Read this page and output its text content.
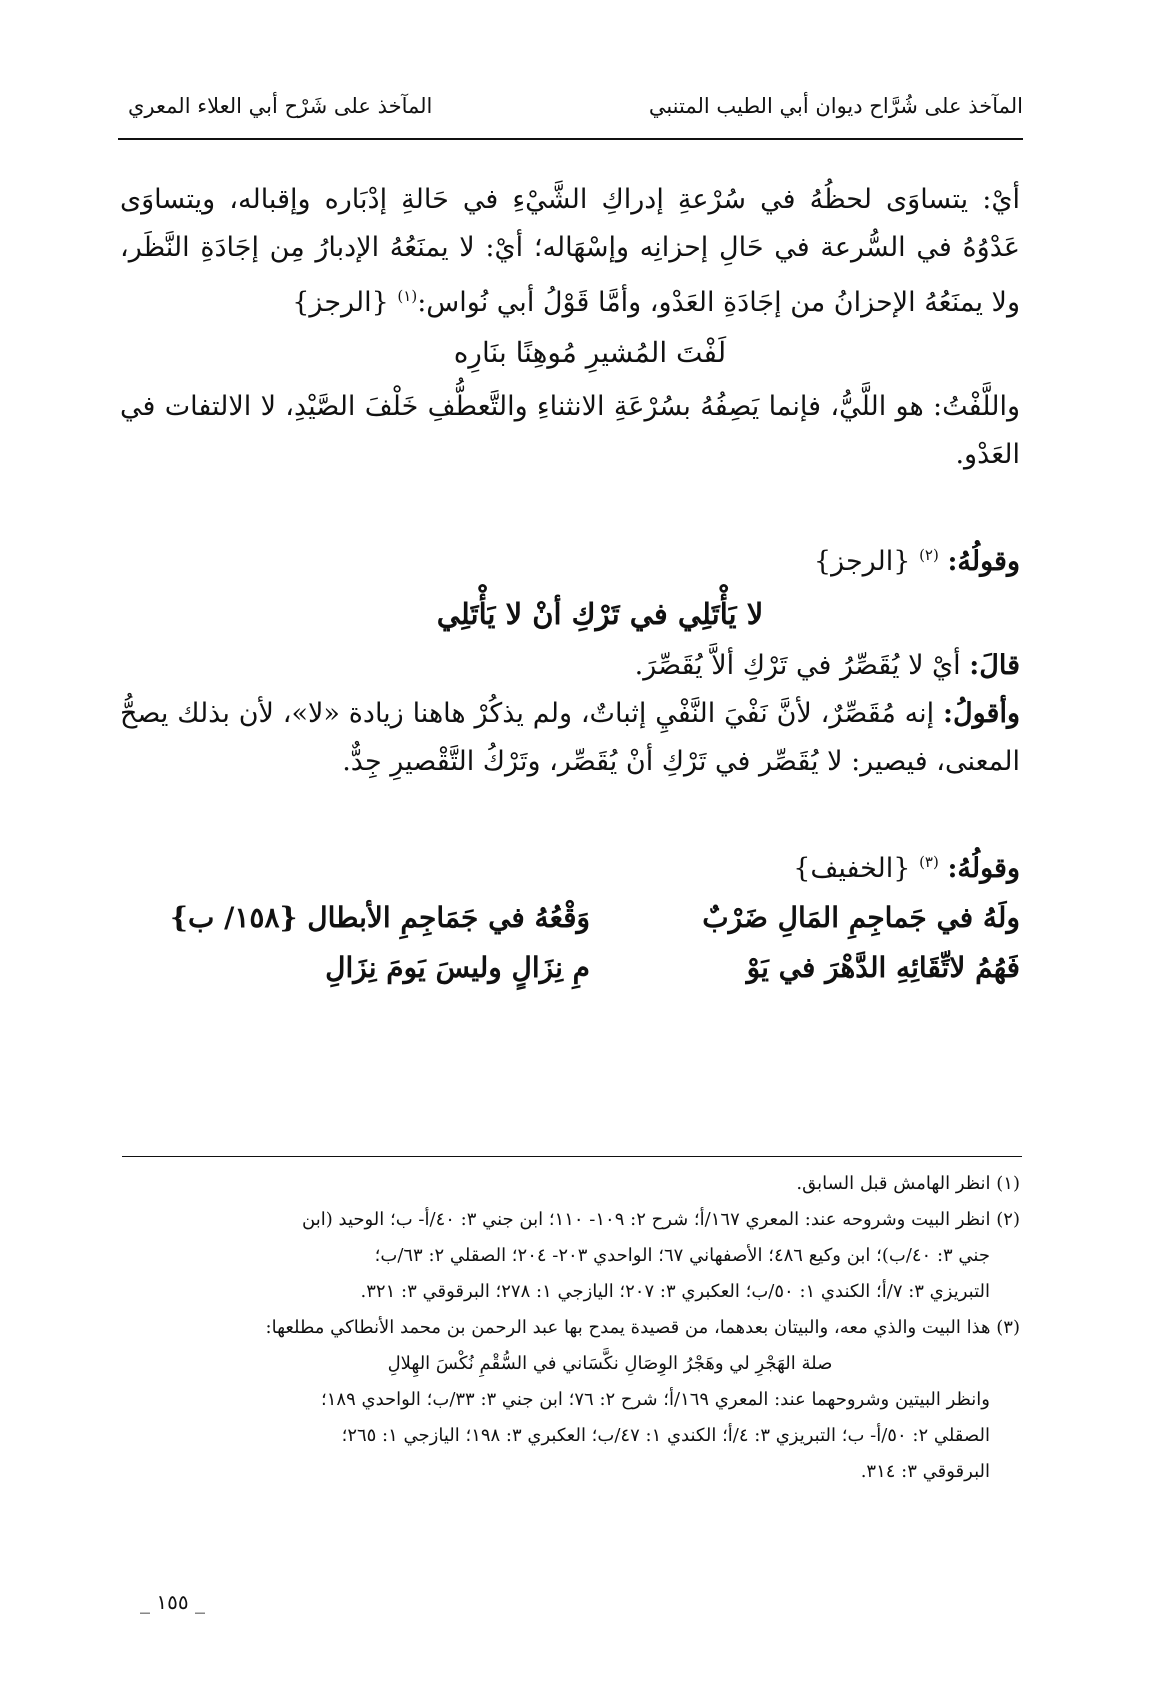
المآخذ على شُرَّاح ديوان أبي الطيب المتنبي
المآخذ على شَرْح أبي العلاء المعري

أيْ: يتساوَى لحظُهُ في سُرْعةِ إدراكِ الشَّيْءِ في حَالةِ إدْبَاره وإقباله، ويتساوَى عَدْوُهُ في السُّرعة في حَالِ إحزانِه وإسْهَاله؛ أيْ: لا يمنَعُهُ الإدبارُ مِن إجَادَةِ النَّظَر، ولا يمنَعُهُ الإحزانُ من إجَادَةِ العَدْو، وأمَّا قَوْلُ أبي نُواس:$^{(١)}$ {الرجز}

لَفْتَ المُشيرِ مُوهِنًا بنَارِه

واللَّفْتُ: هو اللَّيُّ، فإنما يَصِفُهُ بسُرْعَةِ الانثناءِ والتَّعطُّفِ خَلْفَ الصَّيْدِ، لا الالتفات في العَدْو.

وقولُهُ: $^{(٢)}$ {الرجز}

لا يَأْتَلِي في تَرْكِ أنْ لا يَأْتَلِي

قالَ: أيْ لا يُقَصِّرُ في تَرْكِ ألاَّ يُقَصِّرَ.

وأقولُ: إنه مُقَصِّرٌ، لأنَّ نَفْيَ النَّفْيِ إثباتٌ، ولم يذكُرْ هاهنا زيادة «لا»، لأن بذلك يصحُّ المعنى، فيصير: لا يُقَصِّر في تَرْكِ أنْ يُقَصِّر، وتَرْكُ التَّقْصيرِ جِدٌّ.

وقولُهُ: $^{(٣)}$ {الخفيف}

ولَهُ في جَماجِمِ المَالِ ضَرْبٌ
وَقْعُهُ في جَمَاجِمِ الأبطال {١٥٨/ ب}
فَهُمُ لاتِّقَائِهِ الدَّهْرَ في يَوْ
مِ نِزَالٍ وليسَ يَومَ نِزَالِ

(١) انظر الهامش قبل السابق.

(٢) انظر البيت وشروحه عند: المعري ١٦٧/أ؛ شرح ٢: ١٠٩- ١١٠؛ ابن جني ٣: ٤٠/أ- ب؛ الوحيد (ابن

جني ٣: ٤٠/ب)؛ ابن وكيع ٤٨٦؛ الأصفهاني ٦٧؛ الواحدي ٢٠٣- ٢٠٤؛ الصقلي ٢: ٦٣/ب؛

التبريزي ٣: ٧/أ؛ الكندي ١: ٥٠/ب؛ العكبري ٣: ٢٠٧؛ اليازجي ١: ٢٧٨؛ البرقوقي ٣: ٣٢١.

(٣) هذا البيت والذي معه، والبيتان بعدهما، من قصيدة يمدح بها عبد الرحمن بن محمد الأنطاكي مطلعها:

صلة الهَجْرِ لي وهَجْرُ الوِصَالِ نكَّسَاني في السُّقْمِ نُكْسَ الهِلالِ

وانظر البيتين وشروحهما عند: المعري ١٦٩/أ؛ شرح ٢: ٧٦؛ ابن جني ٣: ٣٣/ب؛ الواحدي ١٨٩؛

الصقلي ٢: ٥٠/أ- ب؛ التبريزي ٣: ٤/أ؛ الكندي ١: ٤٧/ب؛ العكبري ٣: ١٩٨؛ اليازجي ١: ٢٦٥؛

البرقوقي ٣: ٣١٤.

_ ١٥٥ _
